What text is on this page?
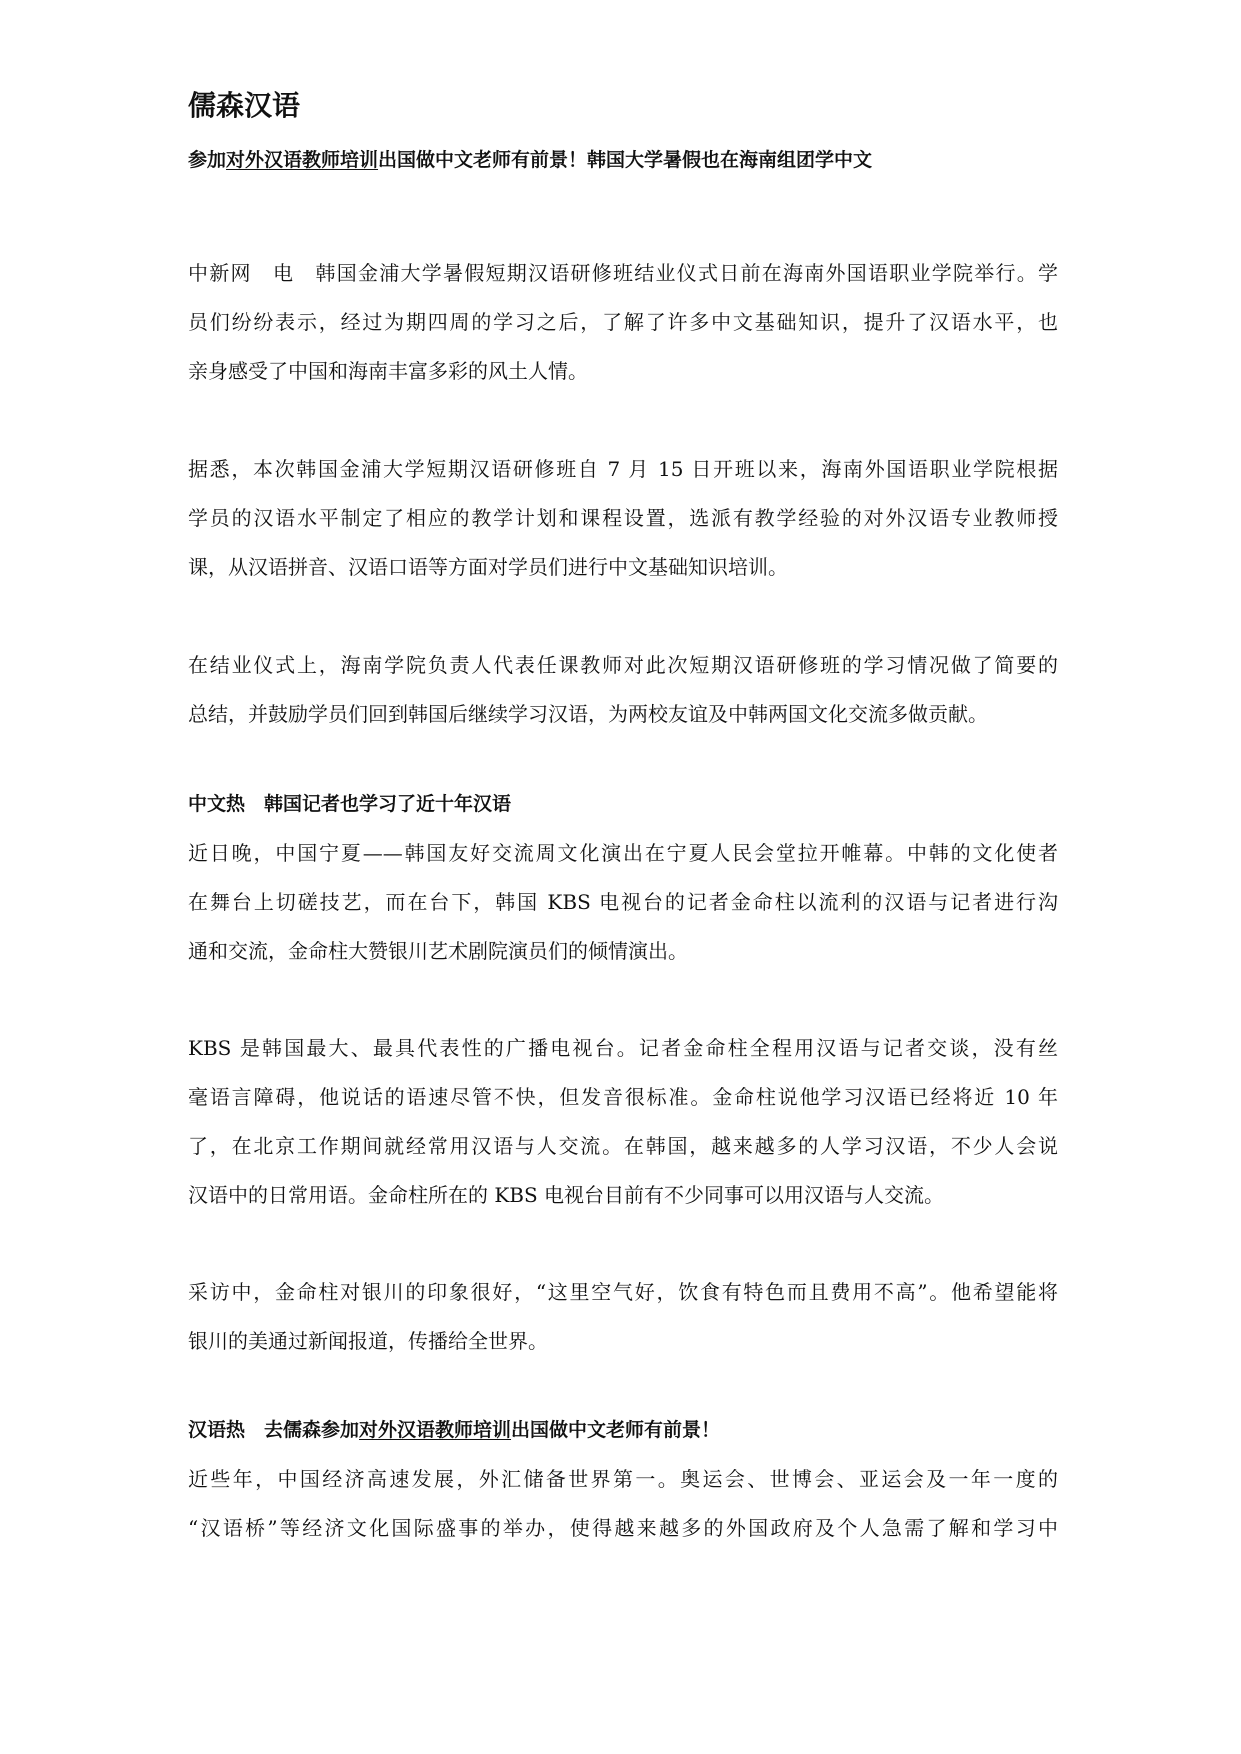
儒森汉语
参加对外汉语教师培训出国做中文老师有前景！韩国大学暑假也在海南组团学中文

中新网　电　韩国金浦大学暑假短期汉语研修班结业仪式日前在海南外国语职业学院举行。学
员们纷纷表示，经过为期四周的学习之后，了解了许多中文基础知识，提升了汉语水平，也
亲身感受了中国和海南丰富多彩的风土人情。

据悉，本次韩国金浦大学短期汉语研修班自 7 月 15 日开班以来，海南外国语职业学院根据
学员的汉语水平制定了相应的教学计划和课程设置，选派有教学经验的对外汉语专业教师授
课，从汉语拼音、汉语口语等方面对学员们进行中文基础知识培训。

在结业仪式上，海南学院负责人代表任课教师对此次短期汉语研修班的学习情况做了简要的
总结，并鼓励学员们回到韩国后继续学习汉语，为两校友谊及中韩两国文化交流多做贡献。

中文热　韩国记者也学习了近十年汉语

近日晚，中国宁夏——韩国友好交流周文化演出在宁夏人民会堂拉开帷幕。中韩的文化使者
在舞台上切磋技艺，而在台下，韩国 KBS 电视台的记者金命柱以流利的汉语与记者进行沟
通和交流，金命柱大赞银川艺术剧院演员们的倾情演出。

KBS 是韩国最大、最具代表性的广播电视台。记者金命柱全程用汉语与记者交谈，没有丝
毫语言障碍，他说话的语速尽管不快，但发音很标准。金命柱说他学习汉语已经将近 10 年
了，在北京工作期间就经常用汉语与人交流。在韩国，越来越多的人学习汉语，不少人会说
汉语中的日常用语。金命柱所在的 KBS 电视台目前有不少同事可以用汉语与人交流。

采访中，金命柱对银川的印象很好，“这里空气好，饮食有特色而且费用不高”。他希望能将
银川的美通过新闻报道，传播给全世界。

汉语热　去儒森参加对外汉语教师培训出国做中文老师有前景！

近些年，中国经济高速发展，外汇储备世界第一。奥运会、世博会、亚运会及一年一度的
“汉语桥”等经济文化国际盛事的举办，使得越来越多的外国政府及个人急需了解和学习中
